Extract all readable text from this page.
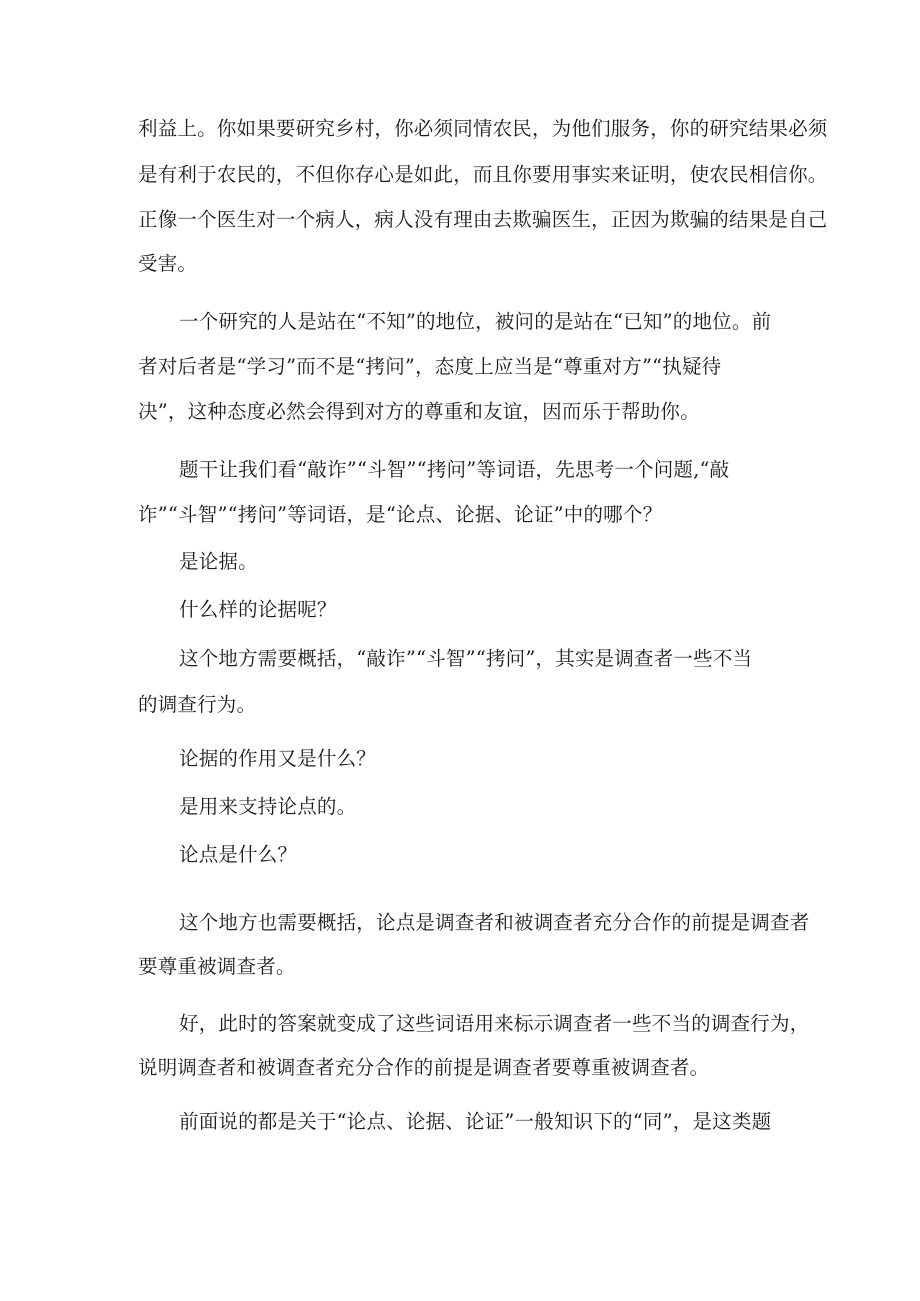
利益上。你如果要研究乡村，你必须同情农民，为他们服务，你的研究结果必须
是有利于农民的，不但你存心是如此，而且你要用事实来证明，使农民相信你。
正像一个医生对一个病人，病人没有理由去欺骗医生，正因为欺骗的结果是自己
受害。
一个研究的人是站在“不知”的地位，被问的是站在“已知”的地位。前
者对后者是“学习”而不是“拷问”，态度上应当是“尊重对方”“执疑待
决”，这种态度必然会得到对方的尊重和友谊，因而乐于帮助你。
题干让我们看“敲诈”“斗智”“拷问”等词语，先思考一个问题,“敲
诈”“斗智”“拷问”等词语，是“论点、论据、论证”中的哪个？
是论据。
什么样的论据呢？
这个地方需要概括，“敲诈”“斗智”“拷问”，其实是调查者一些不当
的调查行为。
论据的作用又是什么？
是用来支持论点的。
论点是什么？
这个地方也需要概括，论点是调查者和被调查者充分合作的前提是调查者
要尊重被调查者。
好，此时的答案就变成了这些词语用来标示调查者一些不当的调查行为，
说明调查者和被调查者充分合作的前提是调查者要尊重被调查者。
前面说的都是关于“论点、论据、论证”一般知识下的“同”，是这类题
